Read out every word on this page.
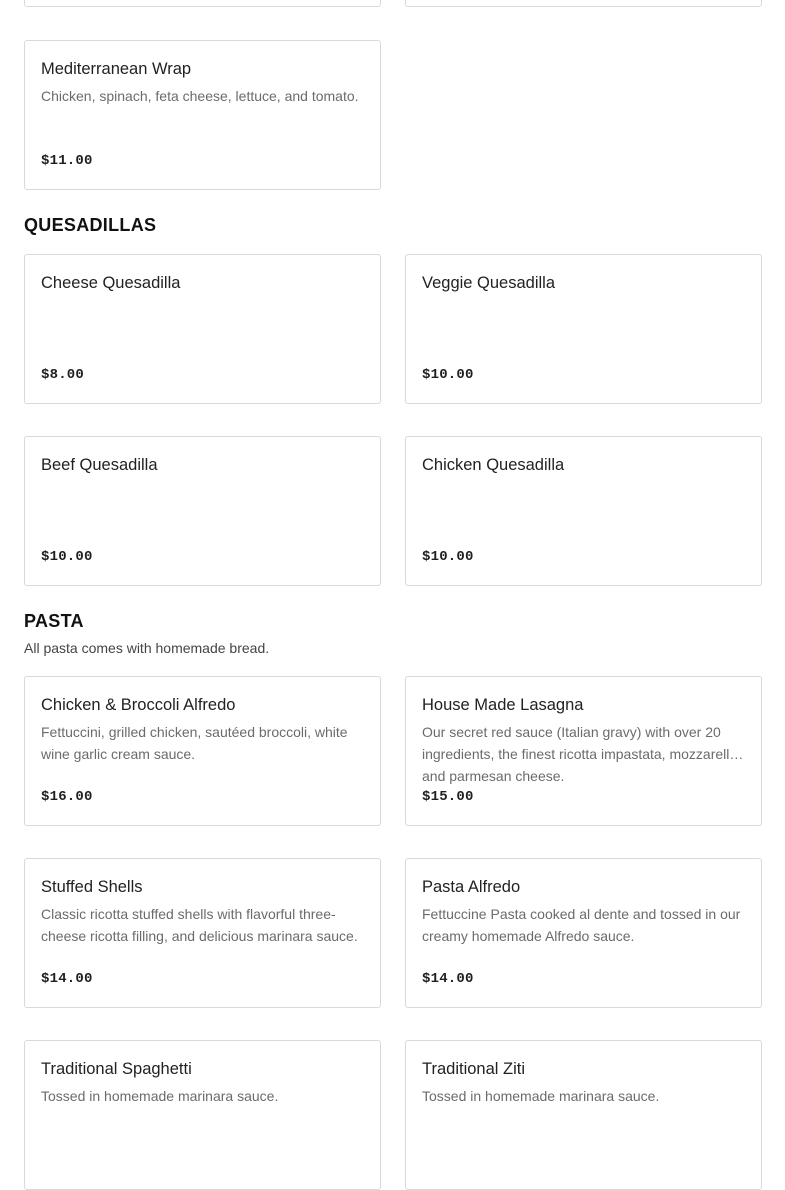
Mediterranean Wrap
Chicken, spinach, feta cheese, lettuce, and tomato.
$11.00
QUESADILLAS
Cheese Quesadilla
$8.00
Veggie Quesadilla
$10.00
Beef Quesadilla
$10.00
Chicken Quesadilla
$10.00
PASTA
All pasta comes with homemade bread.
Chicken & Broccoli Alfredo
Fettuccini, grilled chicken, sautéed broccoli, white wine garlic cream sauce.
$16.00
House Made Lasagna
Our secret red sauce (Italian gravy) with over 20 ingredients, the finest ricotta impastata, mozzarella and parmesan cheese.
$15.00
Stuffed Shells
Classic ricotta stuffed shells with flavorful three-cheese ricotta filling, and delicious marinara sauce.
$14.00
Pasta Alfredo
Fettuccine Pasta cooked al dente and tossed in our creamy homemade Alfredo sauce.
$14.00
Traditional Spaghetti
Tossed in homemade marinara sauce.
Traditional Ziti
Tossed in homemade marinara sauce.
